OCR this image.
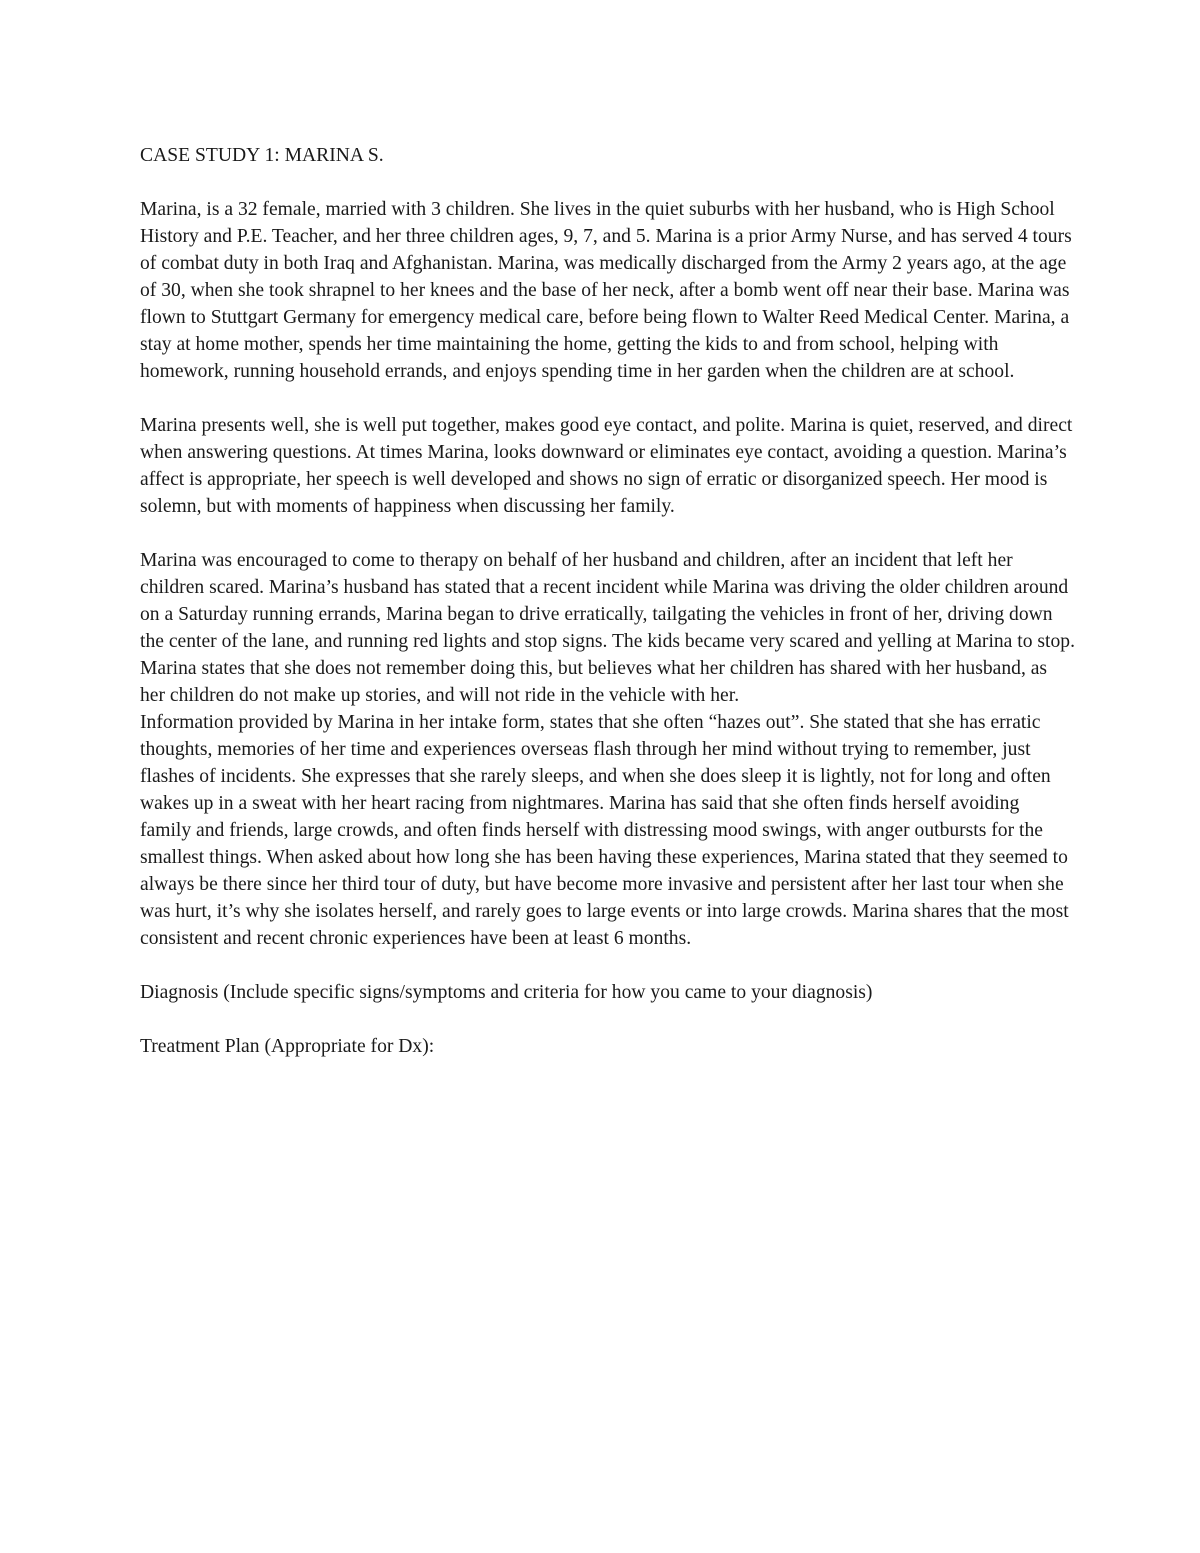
CASE STUDY 1: MARINA S.

Marina, is a 32 female, married with 3 children. She lives in the quiet suburbs with her husband, who is High School History and P.E. Teacher, and her three children ages, 9, 7, and 5. Marina is a prior Army Nurse, and has served 4 tours of combat duty in both Iraq and Afghanistan. Marina, was medically discharged from the Army 2 years ago, at the age of 30, when she took shrapnel to her knees and the base of her neck, after a bomb went off near their base. Marina was flown to Stuttgart Germany for emergency medical care, before being flown to Walter Reed Medical Center. Marina, a stay at home mother, spends her time maintaining the home, getting the kids to and from school, helping with homework, running household errands, and enjoys spending time in her garden when the children are at school.

Marina presents well, she is well put together, makes good eye contact, and polite. Marina is quiet, reserved, and direct when answering questions. At times Marina, looks downward or eliminates eye contact, avoiding a question. Marina’s affect is appropriate, her speech is well developed and shows no sign of erratic or disorganized speech. Her mood is solemn, but with moments of happiness when discussing her family.

Marina was encouraged to come to therapy on behalf of her husband and children, after an incident that left her children scared. Marina’s husband has stated that a recent incident while Marina was driving the older children around on a Saturday running errands, Marina began to drive erratically, tailgating the vehicles in front of her, driving down the center of the lane, and running red lights and stop signs. The kids became very scared and yelling at Marina to stop. Marina states that she does not remember doing this, but believes what her children has shared with her husband, as her children do not make up stories, and will not ride in the vehicle with her.

Information provided by Marina in her intake form, states that she often “hazes out”. She stated that she has erratic thoughts, memories of her time and experiences overseas flash through her mind without trying to remember, just flashes of incidents. She expresses that she rarely sleeps, and when she does sleep it is lightly, not for long and often wakes up in a sweat with her heart racing from nightmares. Marina has said that she often finds herself avoiding family and friends, large crowds, and often finds herself with distressing mood swings, with anger outbursts for the smallest things. When asked about how long she has been having these experiences, Marina stated that they seemed to always be there since her third tour of duty, but have become more invasive and persistent after her last tour when she was hurt, it’s why she isolates herself, and rarely goes to large events or into large crowds. Marina shares that the most consistent and recent chronic experiences have been at least 6 months.

Diagnosis (Include specific signs/symptoms and criteria for how you came to your diagnosis)

Treatment Plan (Appropriate for Dx):
